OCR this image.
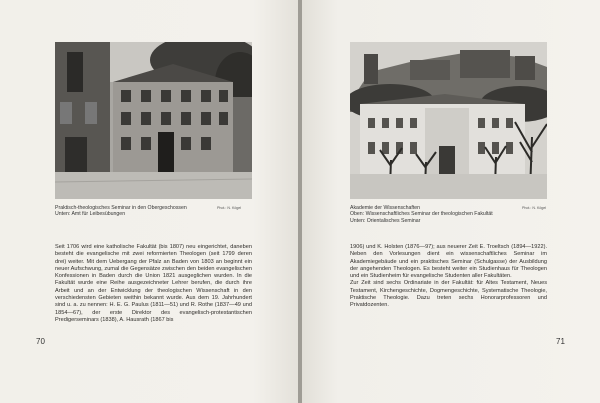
Praktisch-theologisches Seminar in den Obergeschossen
Unten: Amt für Leibesübungen
Phot.: N. Kögel
Seit 1706 wird eine katholische Fakultät (bis 1807) neu eingerichtet, daneben besteht die evangelische mit zwei reformierten Theologen (seit 1799 deren drei) weiter. Mit dem Uebergang der Pfalz an Baden von 1803 an beginnt ein neuer Aufschwung, zumal die Gegensätze zwischen den beiden evangelischen Konfessionen in Baden durch die Union 1821 ausgeglichen wurden. In die Fakultät wurde eine Reihe ausgezeichneter Lehrer berufen, die durch ihre Arbeit und an der Entwicklung der theologischen Wissenschaft in den verschiedensten Gebieten weithin bekannt wurde. Aus dem 19. Jahrhundert sind u. a. zu nennen: H. E. G. Paulus (1811—51) und R. Rothe (1837—49 und 1854—67), der erste Direktor des evangelisch-protestantischen Predigerseminars (1838), A. Hausrath (1867 bis
70
Akademie der Wissenschaften
Oben: Wissenschaftliches Seminar der theologischen Fakultät
Unten: Orientalisches Seminar
Phot.: N. Kögel
1906) und K. Holsten (1876—97); aus neuerer Zeit E. Troeltsch (1894—1922). Neben den Vorlesungen dient ein wissenschaftliches Seminar im Akademiegebäude und ein praktisches Seminar (Schulgasse) der Ausbildung der angehenden Theologen. Es besteht weiter ein Studienhaus für Theologen und ein Studienheim für evangelische Studenten aller Fakultäten.
Zur Zeit sind sechs Ordinariate in der Fakultät: für Altes Testament, Neues Testament, Kirchengeschichte, Dogmengeschichte, Systematische Theologie, Praktische Theologie. Dazu treten sechs Honorarprofessoren und Privatdozenten.
71
